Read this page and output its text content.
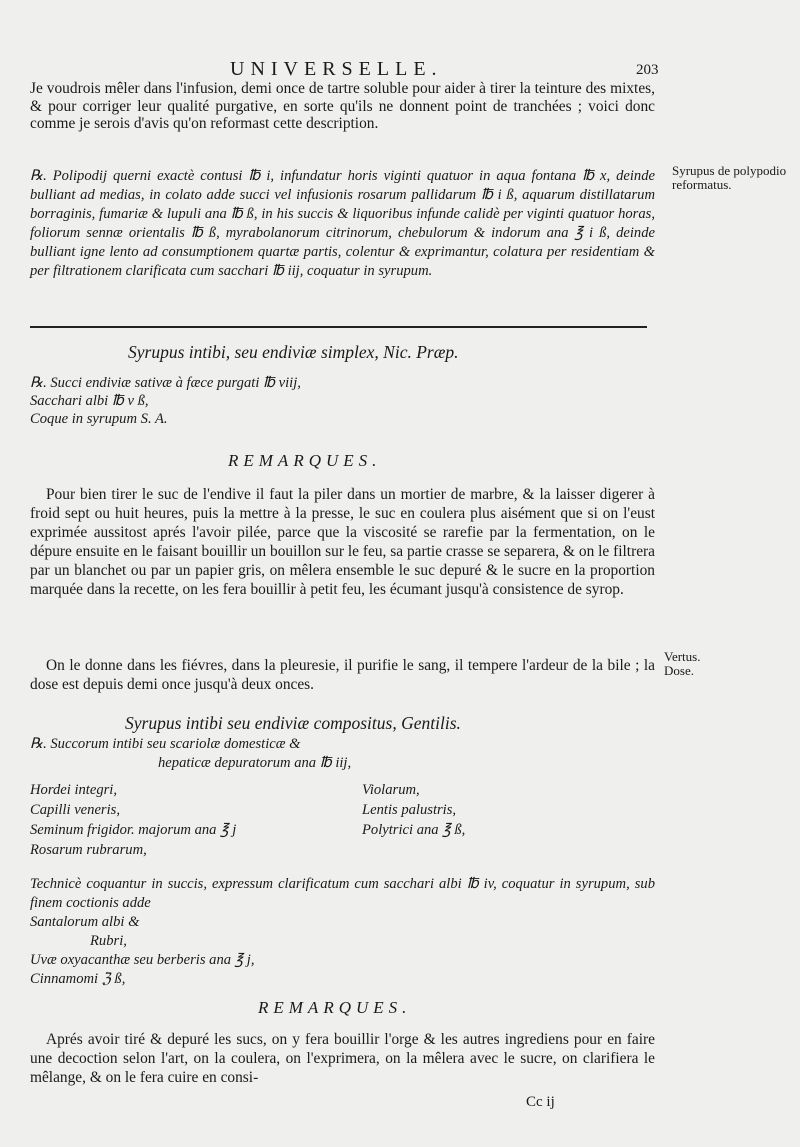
UNIVERSELLE.	203
Je voudrois mêler dans l'infusion, demi once de tartre soluble pour aider à tirer la teinture des mixtes, & pour corriger leur qualité purgative, en sorte qu'ils ne donnent point de tranchées ; voici donc comme je serois d'avis qu'on reformast cette description.
℞. Polipodij querni exactè contusi ℔ i, infundatur horis viginti quatuor in aqua fontana ℔ x, deinde bulliant ad medias, in colato adde succi vel infusionis rosarum pallidarum ℔ i ß, aquarum distillatarum borraginis, fumariæ & lupuli ana ℔ ß, in his succis & liquoribus infunde calidè per viginti quatuor horas, foliorum sennæ orientalis ℔ ß, myrabolanorum citrinorum, chebulorum & indorum ana ℥ i ß, deinde bulliant igne lento ad consumptionem quartæ partis, colentur & exprimantur, colatura per residentiam & per filtrationem clarificata cum sacchari ℔ iij, coquatur in syrupum.
Syrupus de polypodio reformatus.
Vertus.
Dose.
Syrupus intibi, seu endiviæ simplex, Nic. Præp.
℞. Succi endiviæ sativæ à fæce purgati ℔ viij,
Sacchari albi ℔ v ß,
Coque in syrupum S. A.
REMARQUES.
Pour bien tirer le suc de l'endive il faut la piler dans un mortier de marbre, & la laisser digerer à froid sept ou huit heures, puis la mettre à la presse, le suc en coulera plus aisément que si on l'eust exprimée aussitost aprés l'avoir pilée, parce que la viscosité se rarefie par la fermentation, on le dépure ensuite en le faisant bouillir un bouillon sur le feu, sa partie crasse se separera, & on le filtrera par un blanchet ou par un papier gris, on mêlera ensemble le suc depuré & le sucre en la proportion marquée dans la recette, on les fera bouillir à petit feu, les écumant jusqu'à consistence de syrop.
On le donne dans les fiévres, dans la pleuresie, il purifie le sang, il tempere l'ardeur de la bile ; la dose est depuis demi once jusqu'à deux onces.
Syrupus intibi seu endiviæ compositus, Gentilis.
℞. Succorum intibi seu scariolæ domesticæ &
hepaticæ depuratorum ana ℔ iij,
Hordei integri,	Violarum,
Capilli veneris,	Lentis palustris,
Seminum frigidor. majorum ana ℥ j	Polytrici ana ℥ ß,
Rosarum rubrarum,
Technicè coquantur in succis, expressum clarificatum cum sacchari albi ℔ iv, coquatur in syrupum, sub finem coctionis adde
Santalorum albi &
Rubri,
Uvæ oxyacanthæ seu berberis ana ℥ j,
Cinnamomi ℨ ß,
REMARQUES.
Aprés avoir tiré & depuré les sucs, on y fera bouillir l'orge & les autres ingrediens pour en faire une decoction selon l'art, on la coulera, on l'exprimera, on la mêlera avec le sucre, on clarifiera le mêlange, & on le fera cuire en consi-
Cc ij
